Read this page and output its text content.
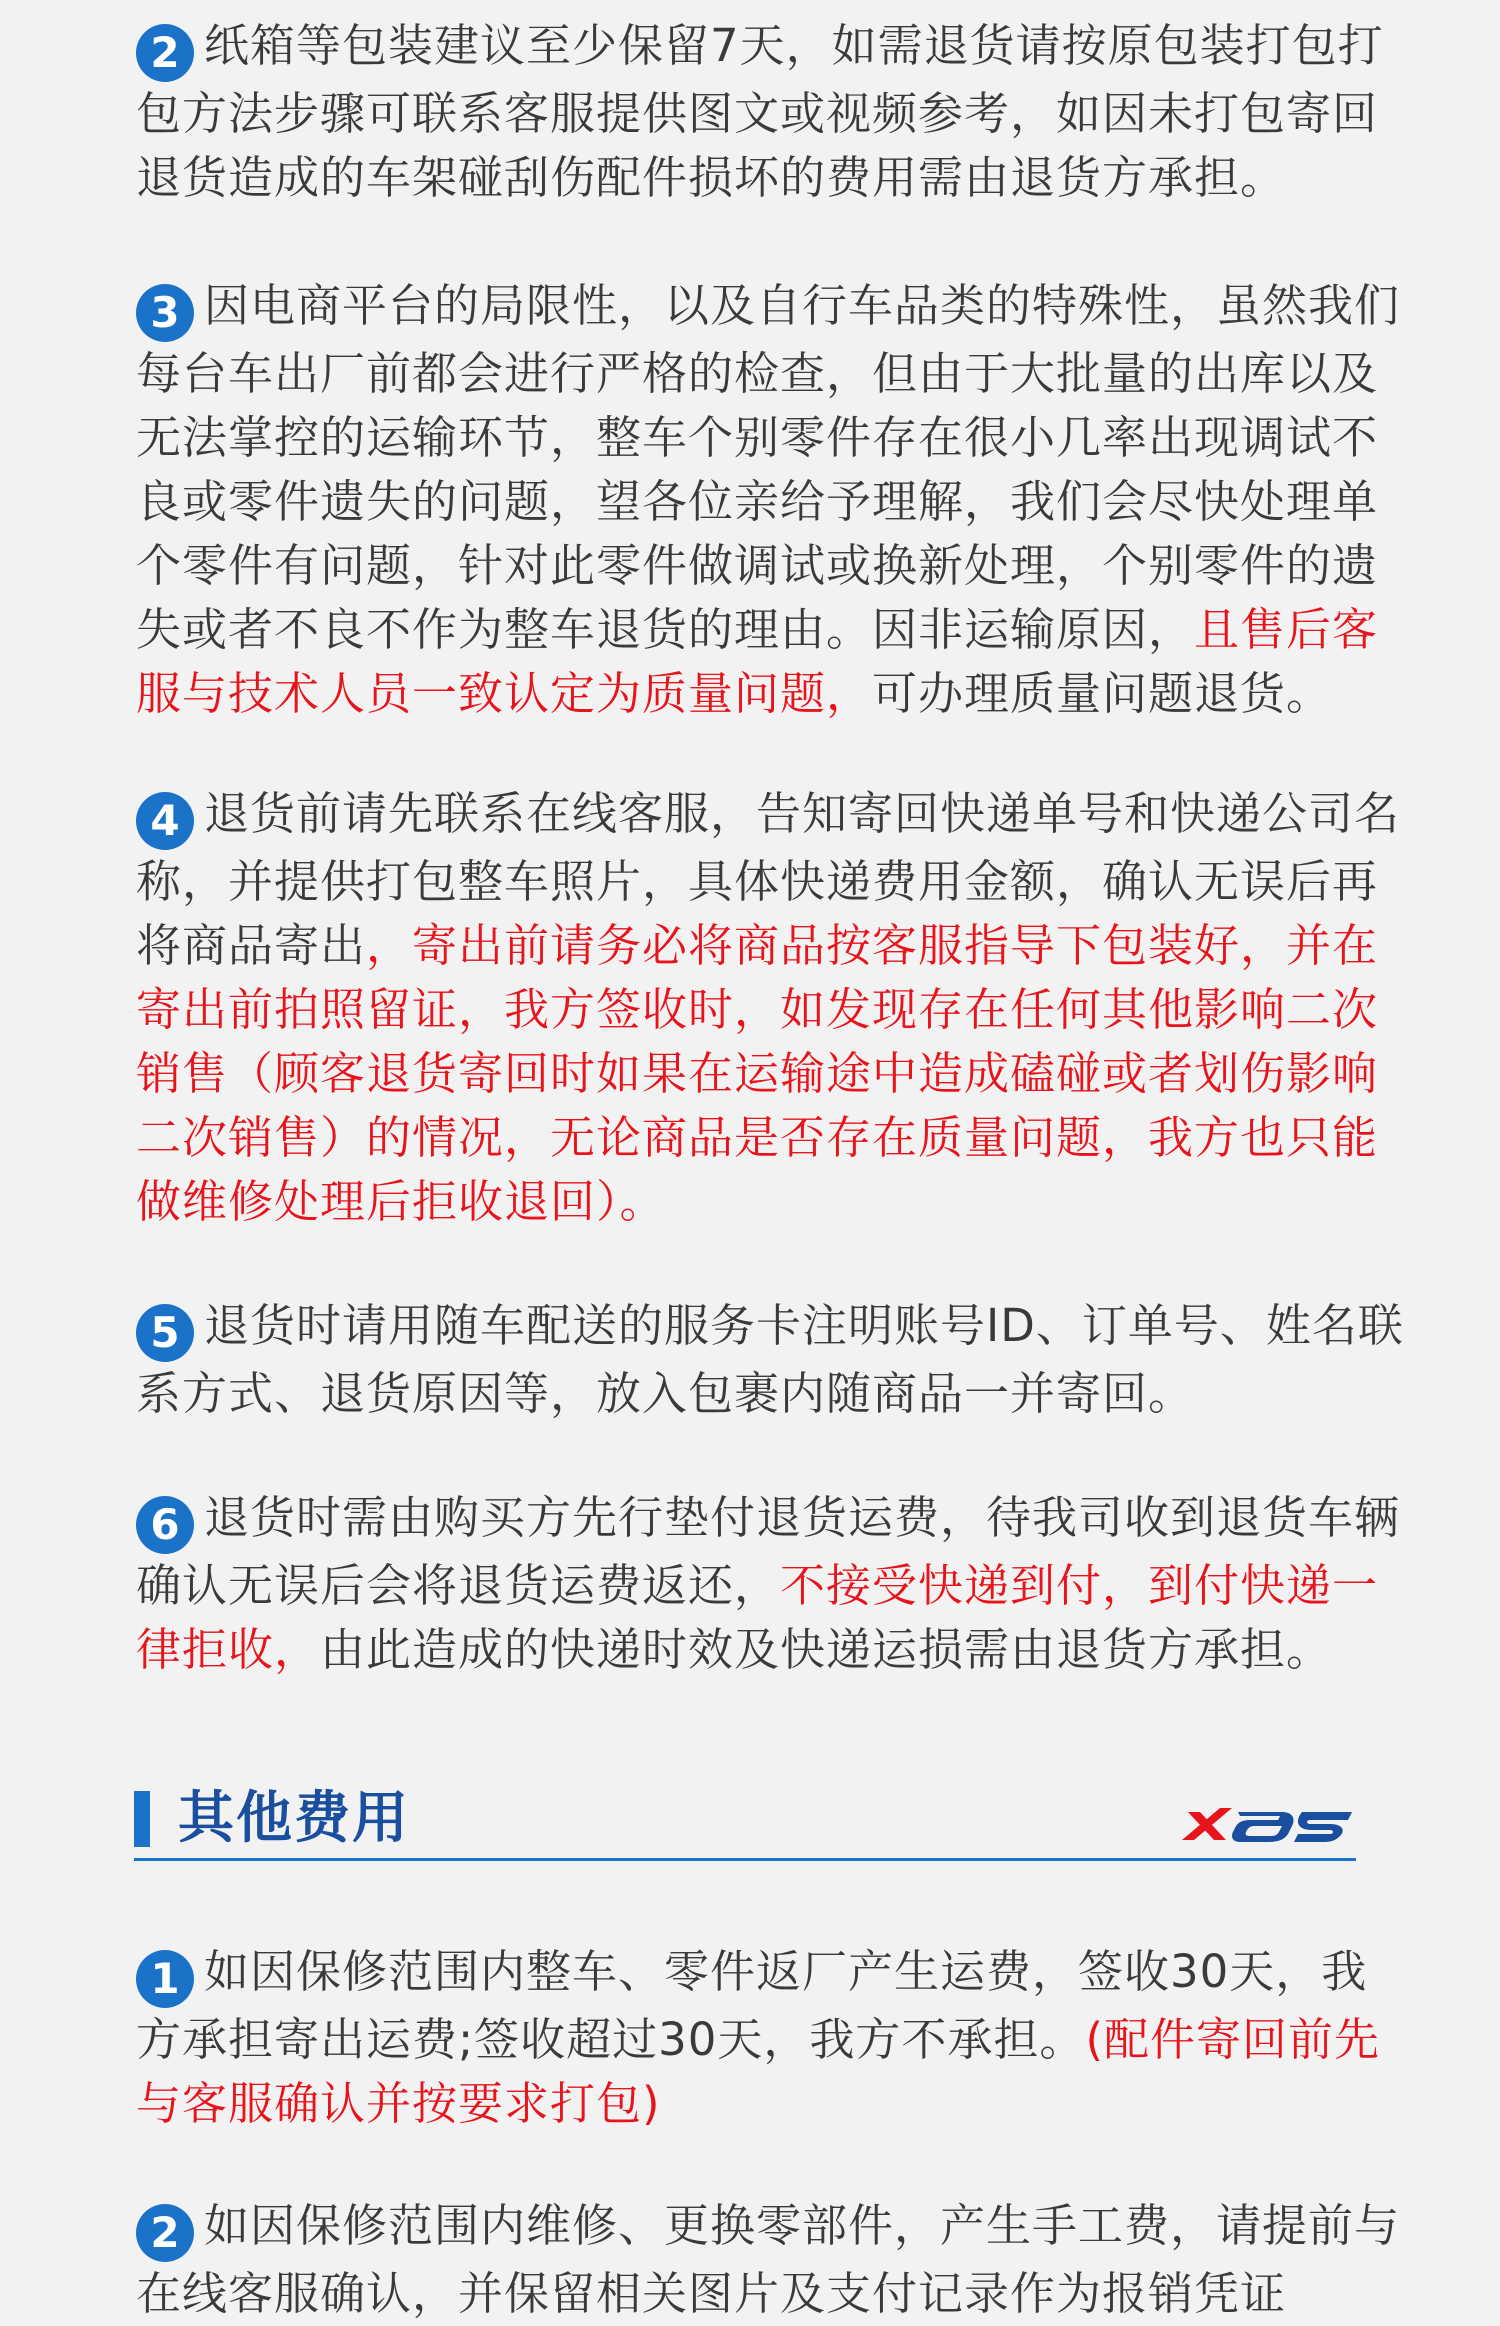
2 纸箱等包装建议至少保留7天，如需退货请按原包装打包打包方法步骤可联系客服提供图文或视频参考，如因未打包寄回退货造成的车架碰刮伤配件损坏的费用需由退货方承担。

3 因电商平台的局限性，以及自行车品类的特殊性，虽然我们每台车出厂前都会进行严格的检查，但由于大批量的出库以及无法掌控的运输环节，整车个别零件存在很小几率出现调试不良或零件遗失的问题，望各位亲给予理解，我们会尽快处理单个零件有问题，针对此零件做调试或换新处理，个别零件的遗失或者不良不作为整车退货的理由。因非运输原因，且售后客服与技术人员一致认定为质量问题，可办理质量问题退货。

4 退货前请先联系在线客服，告知寄回快递单号和快递公司名称，并提供打包整车照片，具体快递费用金额，确认无误后再将商品寄出，寄出前请务必将商品按客服指导下包装好，并在寄出前拍照留证，我方签收时，如发现存在任何其他影响二次销售（顾客退货寄回时如果在运输途中造成磕碰或者划伤影响二次销售）的情况，无论商品是否存在质量问题，我方也只能做维修处理后拒收退回）。

5 退货时请用随车配送的服务卡注明账号ID、订单号、姓名联系方式、退货原因等，放入包裹内随商品一并寄回。

6 退货时需由购买方先行垫付退货运费，待我司收到退货车辆确认无误后会将退货运费返还，不接受快递到付，到付快递一律拒收，由此造成的快递时效及快递运损需由退货方承担。

其他费用

1 如因保修范围内整车、零件返厂产生运费，签收30天，我方承担寄出运费;签收超过30天，我方不承担。(配件寄回前先与客服确认并按要求打包)

2 如因保修范围内维修、更换零部件，产生手工费，请提前与在线客服确认，并保留相关图片及支付记录作为报销凭证
